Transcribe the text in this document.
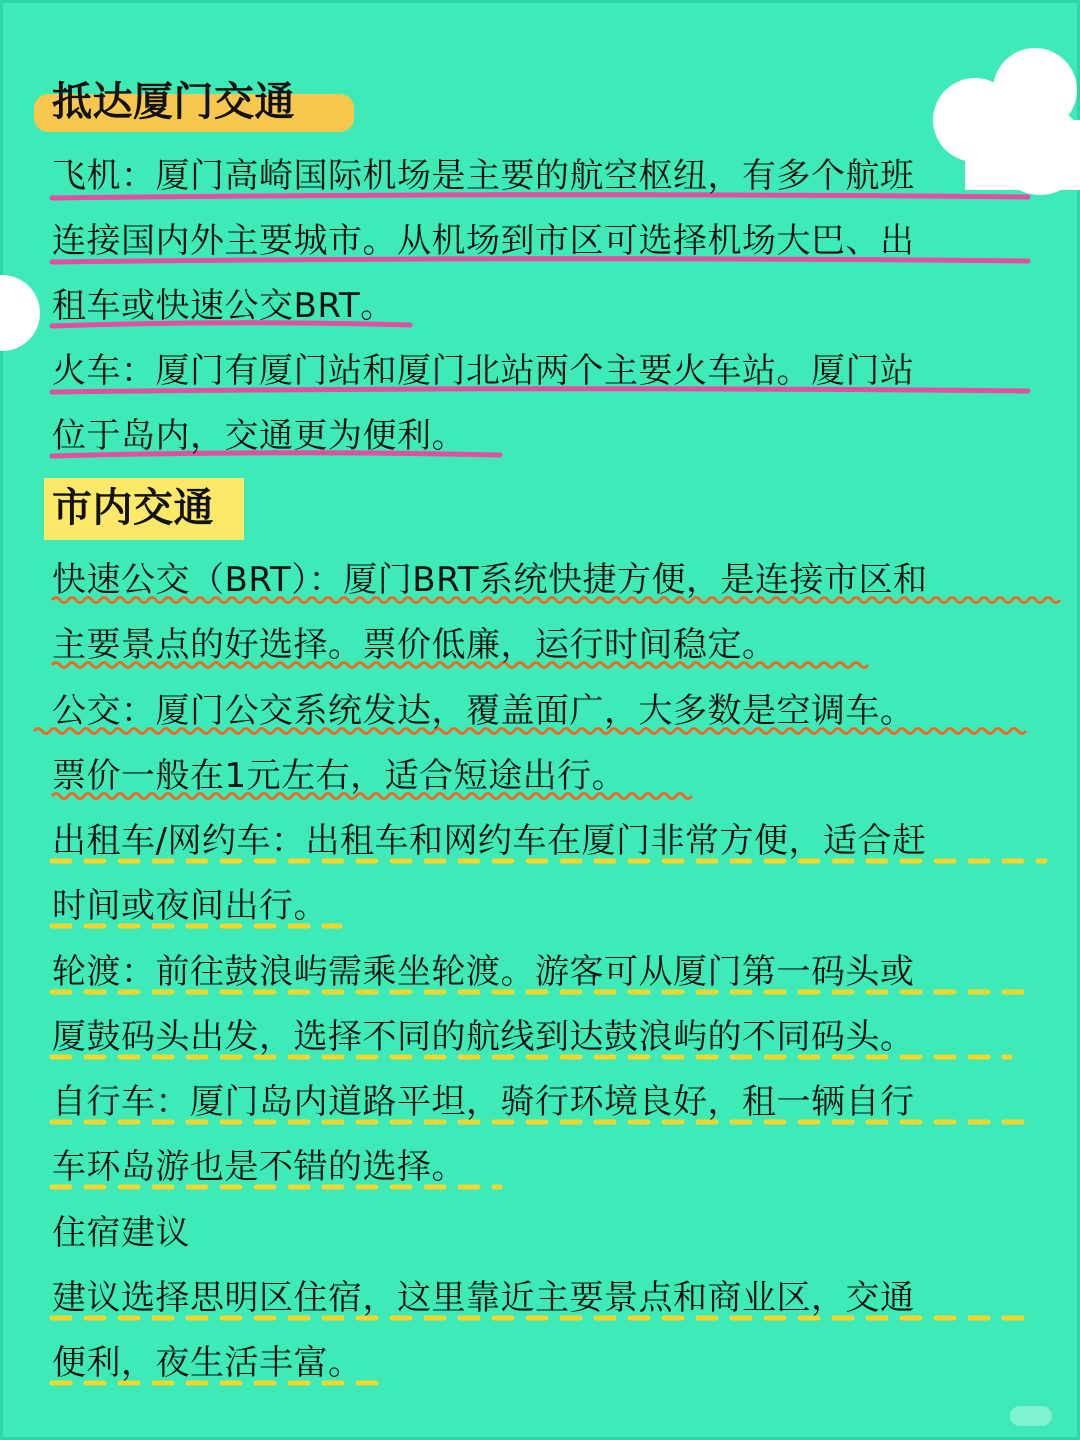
抵达厦门交通
飞机：厦门高崎国际机场是主要的航空枢纽，有多个航班
连接国内外主要城市。从机场到市区可选择机场大巴、出
租车或快速公交BRT。
火车：厦门有厦门站和厦门北站两个主要火车站。厦门站
位于岛内，交通更为便利。
市内交通
快速公交（BRT）：厦门BRT系统快捷方便，是连接市区和
主要景点的好选择。票价低廉，运行时间稳定。
公交：厦门公交系统发达，覆盖面广，大多数是空调车。
票价一般在1元左右，适合短途出行。
出租车/网约车：出租车和网约车在厦门非常方便，适合赶
时间或夜间出行。
轮渡：前往鼓浪屿需乘坐轮渡。游客可从厦门第一码头或
厦鼓码头出发，选择不同的航线到达鼓浪屿的不同码头。
自行车：厦门岛内道路平坦，骑行环境良好，租一辆自行
车环岛游也是不错的选择。
住宿建议
建议选择思明区住宿，这里靠近主要景点和商业区，交通
便利，夜生活丰富。
